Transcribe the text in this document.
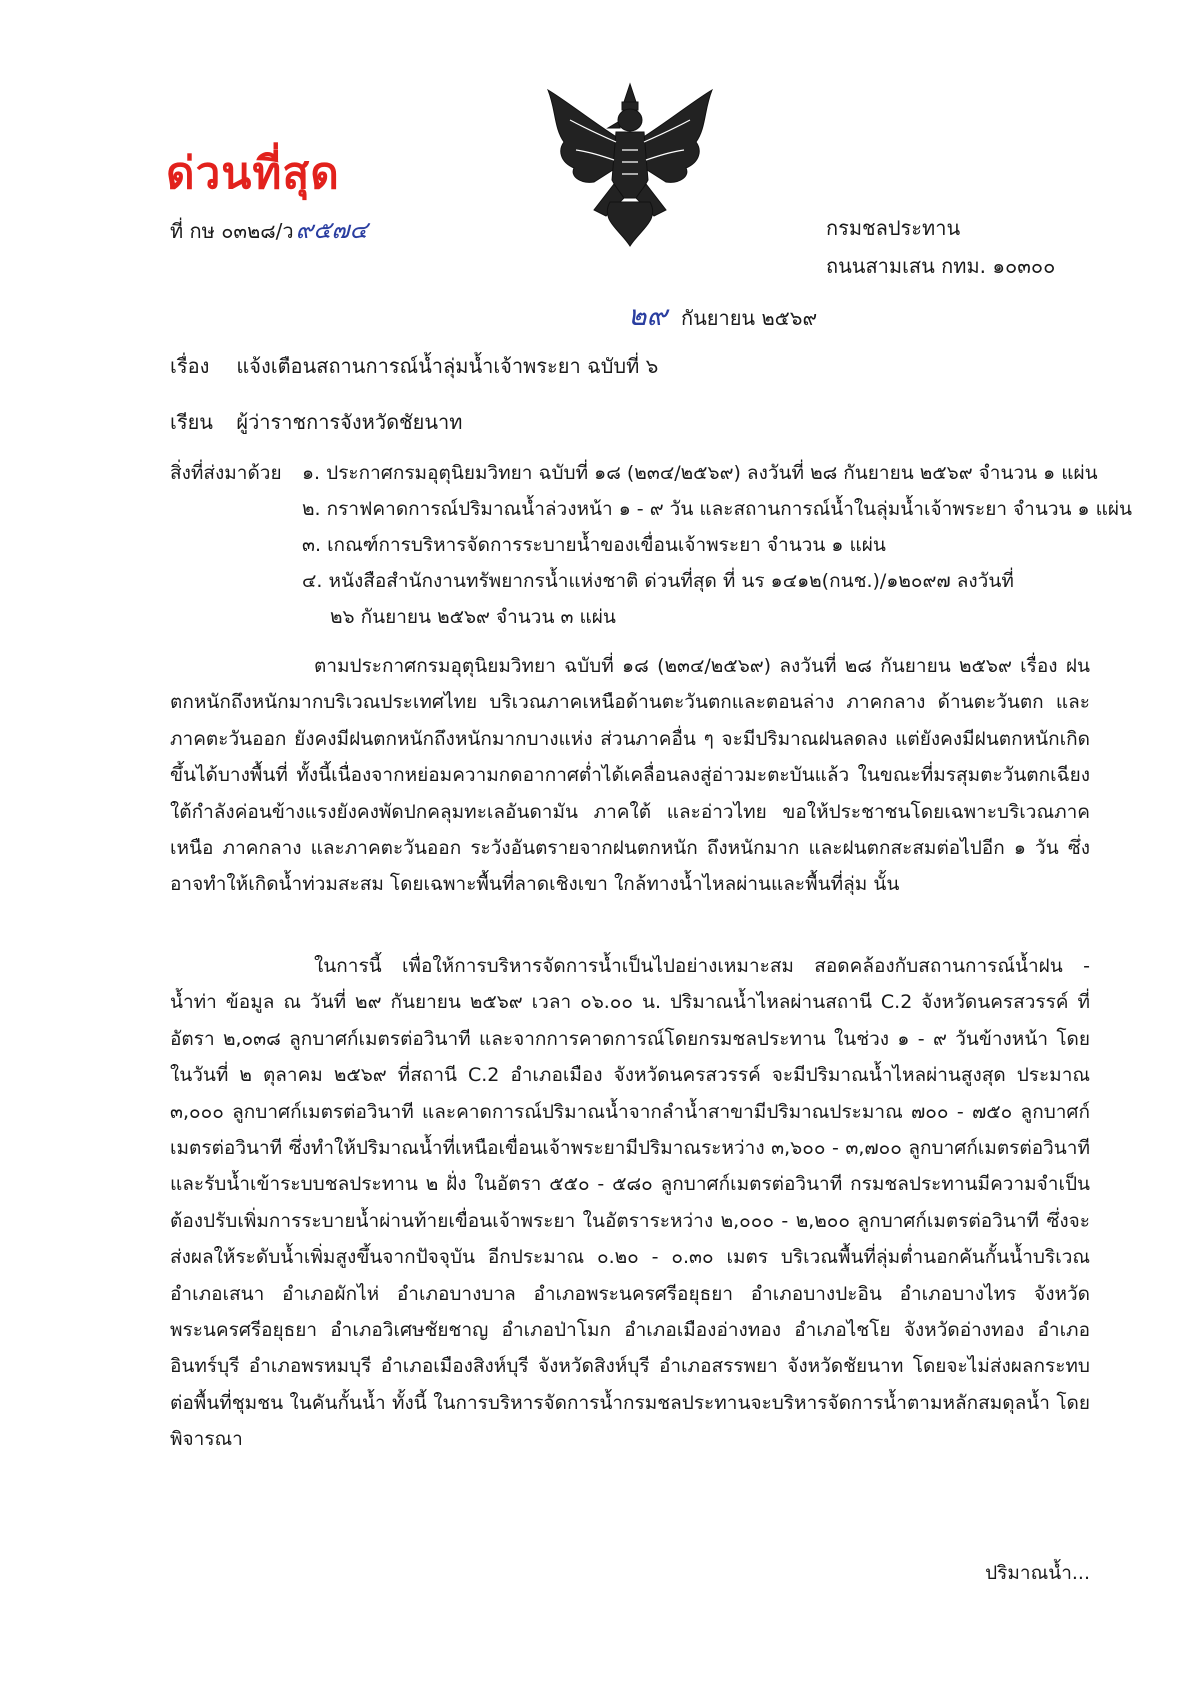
ด่วนที่สุด
ที่ กษ ๐๓๒๘/ว๙๕๗๔	กรมชลประทาน
ถนนสามเสน กทม. ๑๐๓๐๐
๒๙ กันยายน ๒๕๖๙
เรื่อง แจ้งเตือนสถานการณ์น้ำลุ่มน้ำเจ้าพระยา ฉบับที่ ๖
เรียน ผู้ว่าราชการจังหวัดชัยนาท
สิ่งที่ส่งมาด้วย ๑. ประกาศกรมอุตุนิยมวิทยา ฉบับที่ ๑๘ (๒๓๔/๒๕๖๙) ลงวันที่ ๒๘ กันยายน ๒๕๖๙ จำนวน ๑ แผ่น
๒. กราฟคาดการณ์ปริมาณน้ำล่วงหน้า ๑ - ๙ วัน และสถานการณ์น้ำในลุ่มน้ำเจ้าพระยา จำนวน ๑ แผ่น
๓. เกณฑ์การบริหารจัดการระบายน้ำของเขื่อนเจ้าพระยา จำนวน ๑ แผ่น
๔. หนังสือสำนักงานทรัพยากรน้ำแห่งชาติ ด่วนที่สุด ที่ นร ๑๔๑๒(กนช.)/๑๒๐๙๗ ลงวันที่
๒๖ กันยายน ๒๕๖๙ จำนวน ๓ แผ่น
ตามประกาศกรมอุตุนิยมวิทยา ฉบับที่ ๑๘ (๒๓๔/๒๕๖๙) ลงวันที่ ๒๘ กันยายน ๒๕๖๙ เรื่อง ฝนตกหนักถึงหนักมากบริเวณประเทศไทย บริเวณภาคเหนือด้านตะวันตกและตอนล่าง ภาคกลาง ด้านตะวันตก และภาคตะวันออก ยังคงมีฝนตกหนักถึงหนักมากบางแห่ง ส่วนภาคอื่น ๆ จะมีปริมาณฝนลดลง แต่ยังคงมีฝนตกหนักเกิดขึ้นได้บางพื้นที่ ทั้งนี้เนื่องจากหย่อมความกดอากาศต่ำได้เคลื่อนลงสู่อ่าวมะตะบันแล้ว ในขณะที่มรสุมตะวันตกเฉียงใต้กำลังค่อนข้างแรงยังคงพัดปกคลุมทะเลอันดามัน ภาคใต้ และอ่าวไทย ขอให้ประชาชนโดยเฉพาะบริเวณภาคเหนือ ภาคกลาง และภาคตะวันออก ระวังอันตรายจากฝนตกหนัก ถึงหนักมาก และฝนตกสะสมต่อไปอีก ๑ วัน ซึ่งอาจทำให้เกิดน้ำท่วมสะสม โดยเฉพาะพื้นที่ลาดเชิงเขา ใกล้ทางน้ำไหลผ่านและพื้นที่ลุ่ม นั้น
ในการนี้ เพื่อให้การบริหารจัดการน้ำเป็นไปอย่างเหมาะสม สอดคล้องกับสถานการณ์น้ำฝน - น้ำท่า ข้อมูล ณ วันที่ ๒๙ กันยายน ๒๕๖๙ เวลา ๐๖.๐๐ น. ปริมาณน้ำไหลผ่านสถานี C.2 จังหวัดนครสวรรค์ ที่อัตรา ๒,๐๓๘ ลูกบาศก์เมตรต่อวินาที และจากการคาดการณ์โดยกรมชลประทาน ในช่วง ๑ - ๙ วันข้างหน้า โดยในวันที่ ๒ ตุลาคม ๒๕๖๙ ที่สถานี C.2 อำเภอเมือง จังหวัดนครสวรรค์ จะมีปริมาณน้ำไหลผ่านสูงสุด ประมาณ ๓,๐๐๐ ลูกบาศก์เมตรต่อวินาที และคาดการณ์ปริมาณน้ำจากลำน้ำสาขามีปริมาณประมาณ ๗๐๐ - ๗๕๐ ลูกบาศก์เมตรต่อวินาที ซึ่งทำให้ปริมาณน้ำที่เหนือเขื่อนเจ้าพระยามีปริมาณระหว่าง ๓,๖๐๐ - ๓,๗๐๐ ลูกบาศก์เมตรต่อวินาที และรับน้ำเข้าระบบชลประทาน ๒ ฝั่ง ในอัตรา ๕๕๐ - ๕๘๐ ลูกบาศก์เมตรต่อวินาที กรมชลประทานมีความจำเป็นต้องปรับเพิ่มการระบายน้ำผ่านท้ายเขื่อนเจ้าพระยา ในอัตราระหว่าง ๒,๐๐๐ - ๒,๒๐๐ ลูกบาศก์เมตรต่อวินาที ซึ่งจะส่งผลให้ระดับน้ำเพิ่มสูงขึ้นจากปัจจุบัน อีกประมาณ ๐.๒๐ - ๐.๓๐ เมตร บริเวณพื้นที่ลุ่มต่ำนอกคันกั้นน้ำบริเวณ อำเภอเสนา อำเภอผักไห่ อำเภอบางบาล อำเภอพระนครศรีอยุธยา อำเภอบางปะอิน อำเภอบางไทร จังหวัดพระนครศรีอยุธยา อำเภอวิเศษชัยชาญ อำเภอป่าโมก อำเภอเมืองอ่างทอง อำเภอไชโย จังหวัดอ่างทอง อำเภออินทร์บุรี อำเภอพรหมบุรี อำเภอเมืองสิงห์บุรี จังหวัดสิงห์บุรี อำเภอสรรพยา จังหวัดชัยนาท โดยจะไม่ส่งผลกระทบต่อพื้นที่ชุมชน ในคันกั้นน้ำ ทั้งนี้ ในการบริหารจัดการน้ำกรมชลประทานจะบริหารจัดการน้ำตามหลักสมดุลน้ำ โดยพิจารณา
ปริมาณน้ำ...
